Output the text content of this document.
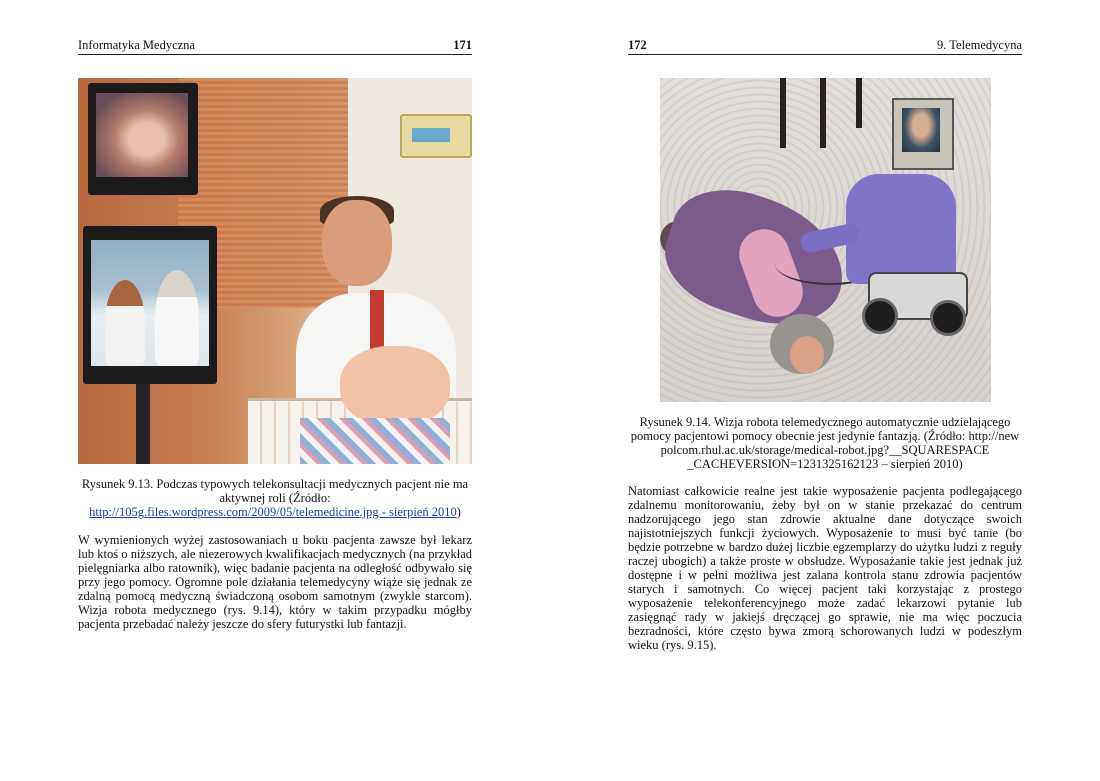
Informatyka Medyczna	171
Rysunek 9.13. Podczas typowych telekonsultacji medycznych pacjent nie ma aktywnej roli (Źródło: http://105g.files.wordpress.com/2009/05/telemedicine.jpg - sierpień 2010)
W wymienionych wyżej zastosowaniach u boku pacjenta zawsze był lekarz lub ktoś o niższych, ale niezerowych kwalifikacjach medycznych (na przykład pielęgniarka albo ratownik), więc badanie pacjenta na odległość odbywało się przy jego pomocy. Ogromne pole działania telemedycyny wiąże się jednak ze zdalną pomocą medyczną świadczoną osobom samotnym (zwykle starcom). Wizja robota medycznego (rys. 9.14), który w takim przypadku mógłby pacjenta przebadać należy jeszcze do sfery futurystki lub fantazji.
172	9. Telemedycyna
Rysunek 9.14. Wizja robota telemedycznego automatycznie udzielającego pomocy pacjentowi pomocy obecnie jest jedynie fantazją. (Źródło: http://new polcom.rhul.ac.uk/storage/medical-robot.jpg?__SQUARESPACE _CACHEVERSION=1231325162123 – sierpień 2010)
Natomiast całkowicie realne jest takie wyposażenie pacjenta podlegającego zdalnemu monitorowaniu, żeby był on w stanie przekazać do centrum nadzorującego jego stan zdrowie aktualne dane dotyczące swoich najistotniejszych funkcji życiowych. Wyposażenie to musi być tanie (bo będzie potrzebne w bardzo dużej liczbie egzemplarzy do użytku ludzi z reguły raczej ubogich) a także proste w obsłudze. Wyposażanie takie jest jednak już dostępne i w pełni możliwa jest zalana kontrola stanu zdrowia pacjentów starych i samotnych. Co więcej pacjent taki korzystając z prostego wyposażenie telekonferencyjnego może zadać lekarzowi pytanie lub zasięgnąć rady w jakiejś dręczącej go sprawie, nie ma więc poczucia bezradności, które często bywa zmorą schorowanych ludzi w podeszłym wieku (rys. 9.15).
